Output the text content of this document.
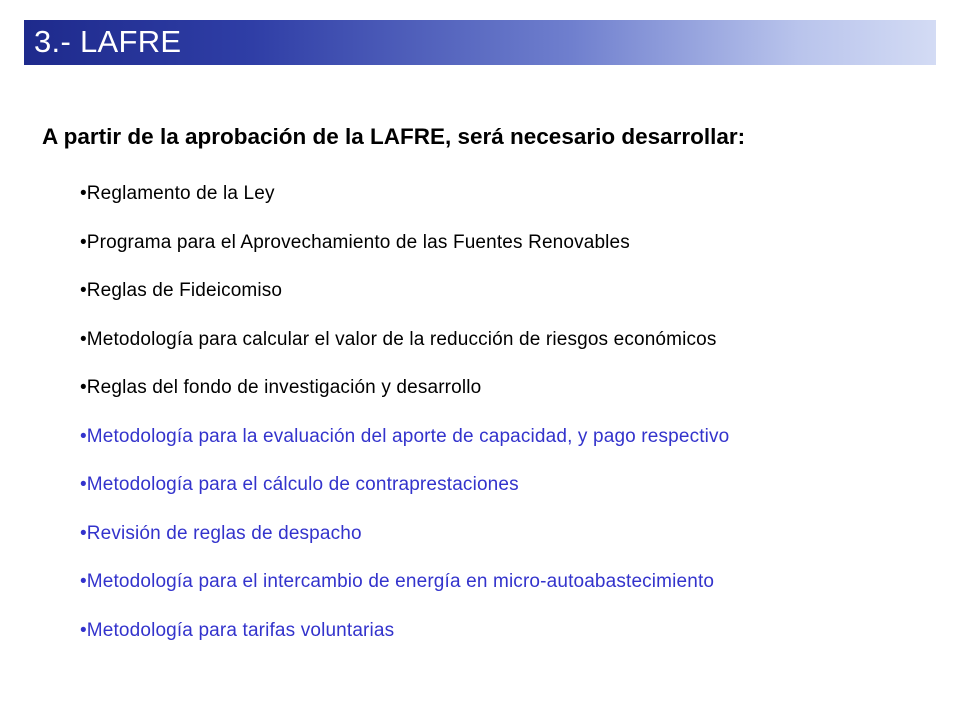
3.- LAFRE
A partir de la aprobación de la LAFRE, será necesario desarrollar:
•Reglamento de la Ley
•Programa para el Aprovechamiento de las Fuentes Renovables
•Reglas de Fideicomiso
•Metodología para calcular el valor de la reducción de riesgos económicos
•Reglas del fondo de investigación y desarrollo
•Metodología para la evaluación del aporte de capacidad, y pago respectivo
•Metodología para el cálculo de contraprestaciones
•Revisión de reglas de despacho
•Metodología para el intercambio de energía en micro-autoabastecimiento
•Metodología para tarifas voluntarias
